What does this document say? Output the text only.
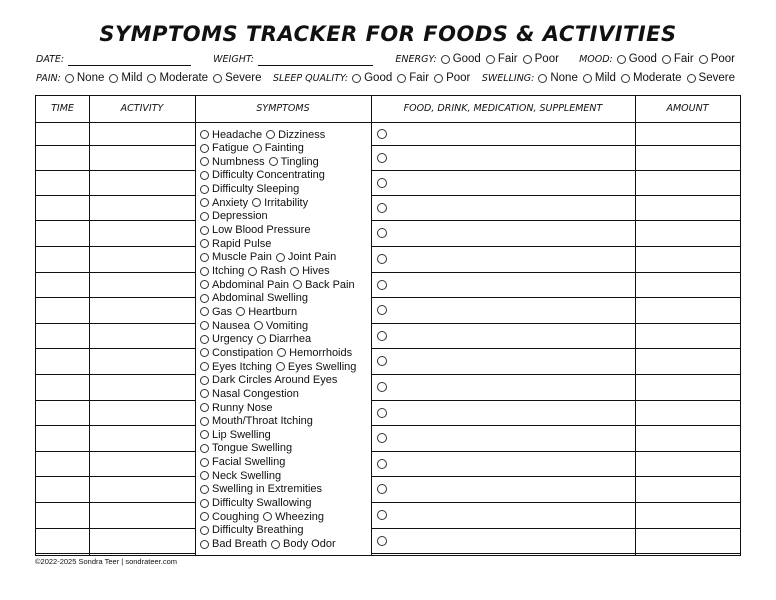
SYMPTOMS TRACKER FOR FOODS & ACTIVITIES
DATE:	WEIGHT:	ENERGY: Good Fair Poor MOOD: Good Fair Poor
PAIN: None Mild Moderate Severe SLEEP QUALITY: Good Fair Poor SWELLING: None Mild Moderate Severe
TIME	ACTIVITY	SYMPTOMS	FOOD, DRINK, MEDICATION, SUPPLEMENT	AMOUNT
Headache Dizziness
Fatigue Fainting
Numbness Tingling
Difficulty Concentrating
Difficulty Sleeping
Anxiety Irritability
Depression
Low Blood Pressure
Rapid Pulse
Muscle Pain Joint Pain
Itching Rash Hives
Abdominal Pain Back Pain
Abdominal Swelling
Gas Heartburn
Nausea Vomiting
Urgency Diarrhea
Constipation Hemorrhoids
Eyes Itching Eyes Swelling
Dark Circles Around Eyes
Nasal Congestion
Runny Nose
Mouth/Throat Itching
Lip Swelling
Tongue Swelling
Facial Swelling
Neck Swelling
Swelling in Extremities
Difficulty Swallowing
Coughing Wheezing
Difficulty Breathing
Bad Breath Body Odor
©2022-2025 Sondra Teer | sondrateer.com
